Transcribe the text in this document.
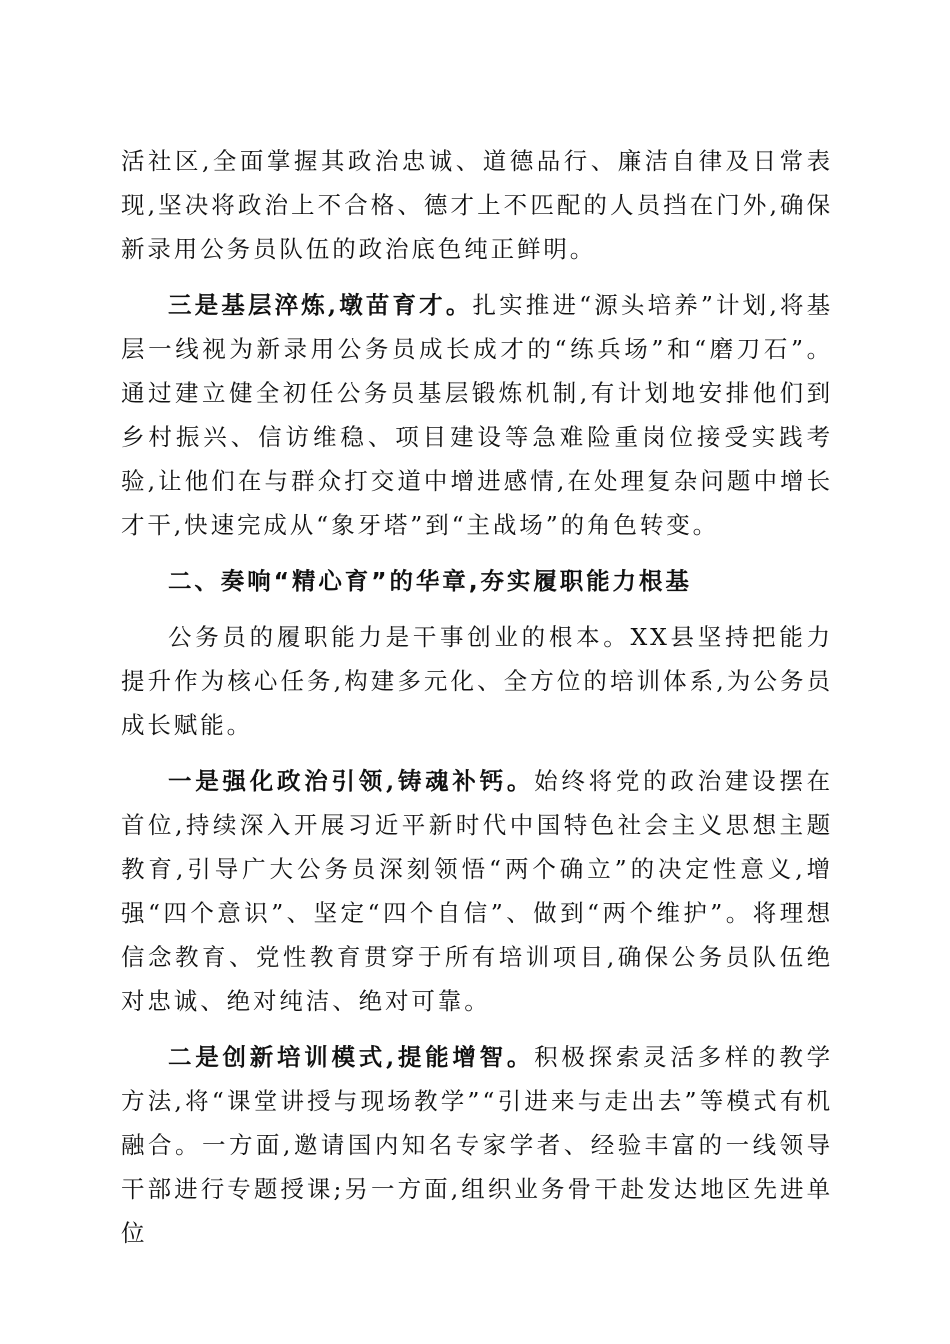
活社区,全面掌握其政治忠诚、道德品行、廉洁自律及日常表现,坚决将政治上不合格、德才上不匹配的人员挡在门外,确保新录用公务员队伍的政治底色纯正鲜明。

三是基层淬炼,墩苗育才。扎实推进“源头培养”计划,将基层一线视为新录用公务员成长成才的“练兵场”和“磨刀石”。通过建立健全初任公务员基层锻炼机制,有计划地安排他们到乡村振兴、信访维稳、项目建设等急难险重岗位接受实践考验,让他们在与群众打交道中增进感情,在处理复杂问题中增长才干,快速完成从“象牙塔”到“主战场”的角色转变。

二、奏响“精心育”的华章,夯实履职能力根基

公务员的履职能力是干事创业的根本。XX县坚持把能力提升作为核心任务,构建多元化、全方位的培训体系,为公务员成长赋能。

一是强化政治引领,铸魂补钙。始终将党的政治建设摆在首位,持续深入开展习近平新时代中国特色社会主义思想主题教育,引导广大公务员深刻领悟“两个确立”的决定性意义,增强“四个意识”、坚定“四个自信”、做到“两个维护”。将理想信念教育、党性教育贯穿于所有培训项目,确保公务员队伍绝对忠诚、绝对纯洁、绝对可靠。

二是创新培训模式,提能增智。积极探索灵活多样的教学方法,将“课堂讲授与现场教学”“引进来与走出去”等模式有机融合。一方面,邀请国内知名专家学者、经验丰富的一线领导干部进行专题授课;另一方面,组织业务骨干赴发达地区先进单位
